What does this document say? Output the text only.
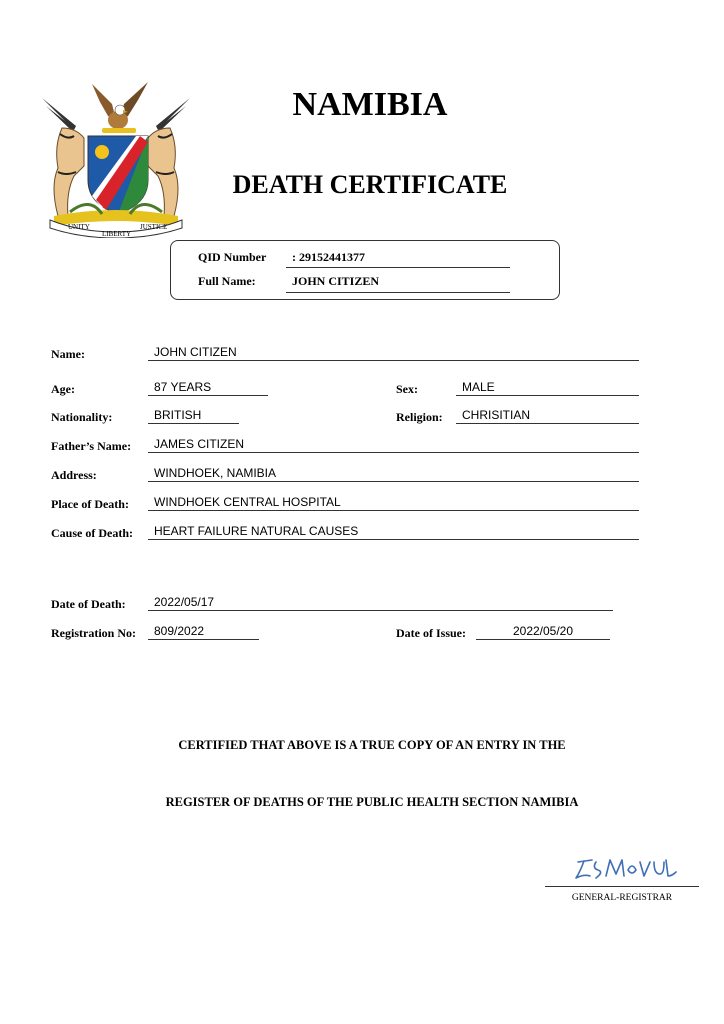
UNITY
LIBERTY
JUSTICE
NAMIBIA
DEATH CERTIFICATE
QID Number : 29152441377
Full Name:	JOHN CITIZEN
Name:	JOHN CITIZEN
Age:	87 YEARS	Sex:	MALE
Nationality:	BRITISH	Religion:	CHRISITIAN
Father’s Name:	JAMES CITIZEN
Address:	WINDHOEK, NAMIBIA
Place of Death:	WINDHOEK CENTRAL HOSPITAL
Cause of Death:	HEART FAILURE NATURAL CAUSES
Date of Death:	2022/05/17
Registration No:	809/2022	Date of Issue:	2022/05/20
CERTIFIED THAT ABOVE IS A TRUE COPY OF AN ENTRY IN THE
REGISTER OF DEATHS OF THE PUBLIC HEALTH SECTION NAMIBIA
GENERAL-REGISTRAR
